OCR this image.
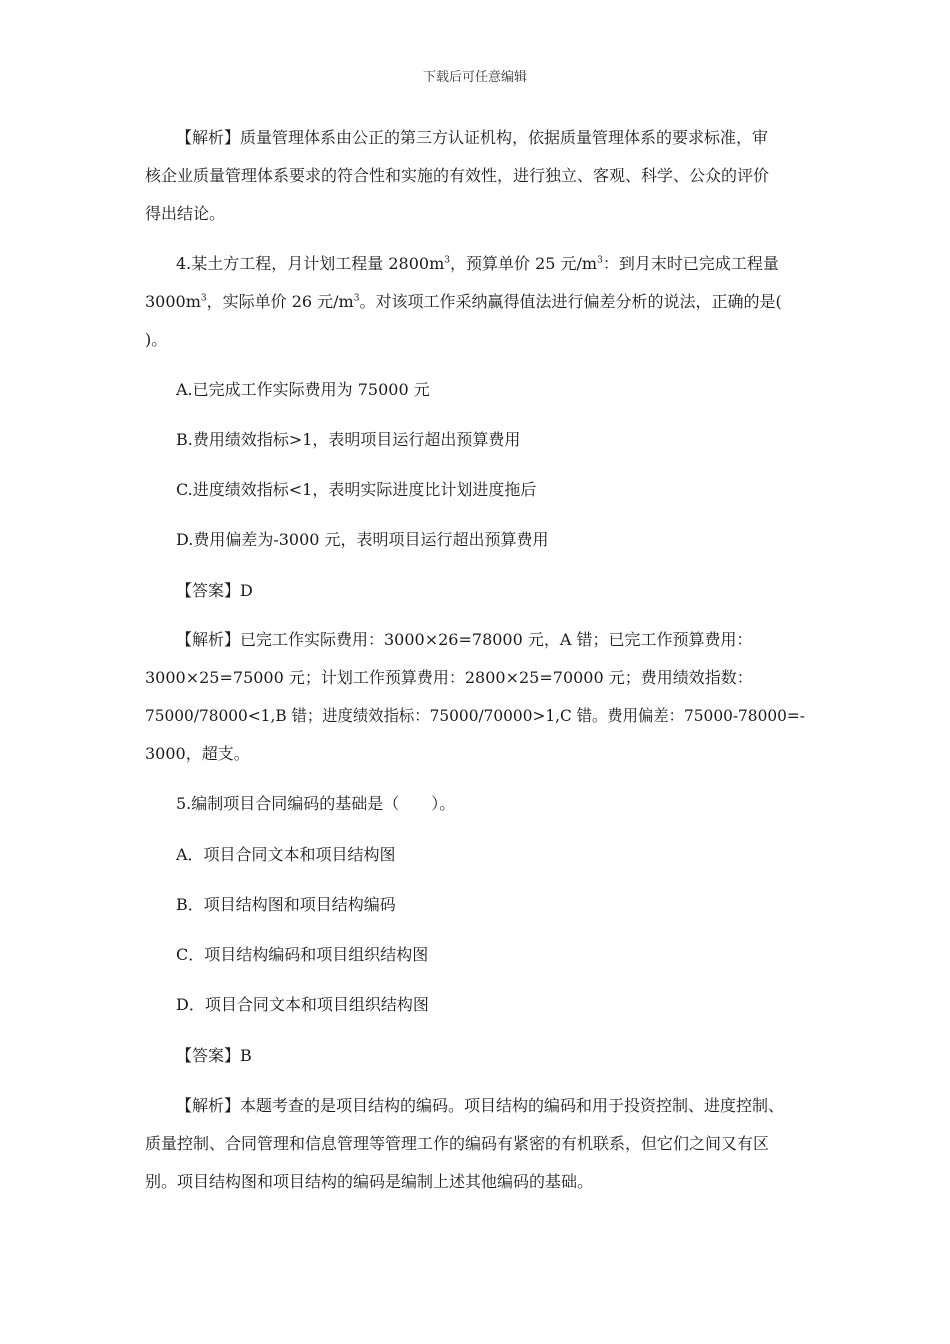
下载后可任意编辑
【解析】质量管理体系由公正的第三方认证机构，依据质量管理体系的要求标准，审
核企业质量管理体系要求的符合性和实施的有效性，进行独立、客观、科学、公众的评价
得出结论。
4.某土方工程，月计划工程量 $2800m^3$，预算单价 25 元$/m^3$：到月末时已完成工程量
$3000m^3$，实际单价 26 元$/m^3$。对该项工作采纳赢得值法进行偏差分析的说法，正确的是(
)。
A.已完成工作实际费用为 75000 元
B.费用绩效指标>1，表明项目运行超出预算费用
C.进度绩效指标<1，表明实际进度比计划进度拖后
D.费用偏差为-3000 元，表明项目运行超出预算费用
【答案】D
【解析】已完工作实际费用：3000×26=78000 元，A 错；已完工作预算费用：
3000×25=75000 元；计划工作预算费用：2800×25=70000 元；费用绩效指数：
75000/78000<1,B 错；进度绩效指标：75000/70000>1,C 错。费用偏差：75000-78000=-
3000，超支。
5.编制项目合同编码的基础是（　　）。
A．项目合同文本和项目结构图
B．项目结构图和项目结构编码
C．项目结构编码和项目组织结构图
D．项目合同文本和项目组织结构图
【答案】B
【解析】本题考查的是项目结构的编码。项目结构的编码和用于投资控制、进度控制、
质量控制、合同管理和信息管理等管理工作的编码有紧密的有机联系，但它们之间又有区
别。项目结构图和项目结构的编码是编制上述其他编码的基础。
